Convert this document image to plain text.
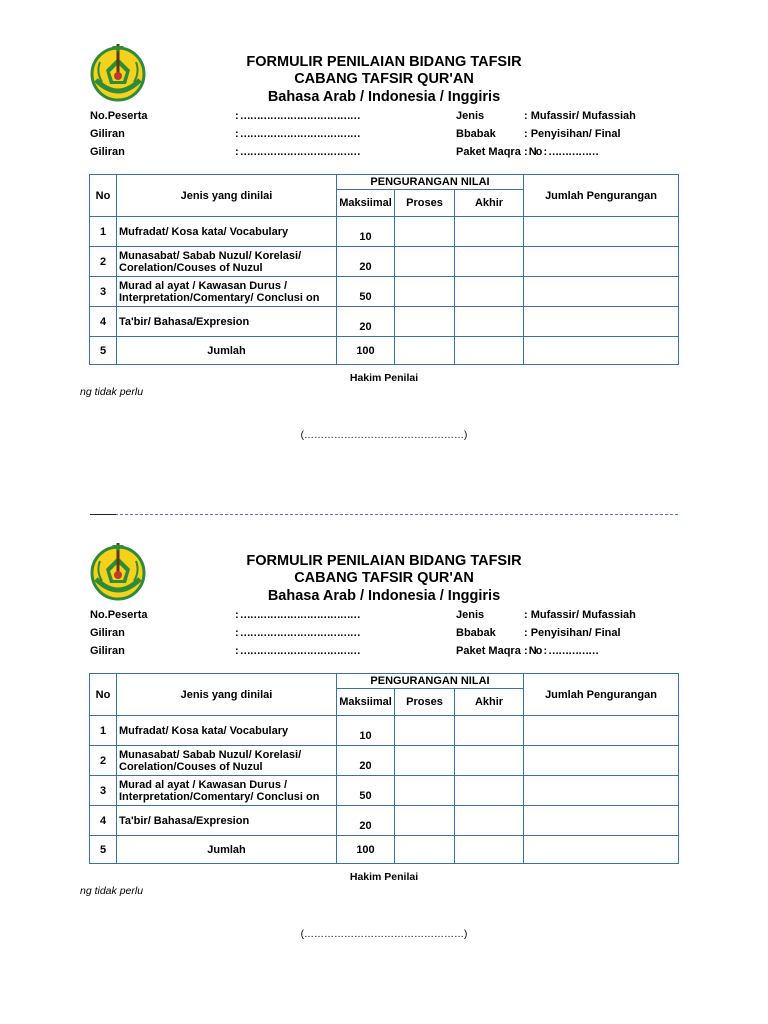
FORMULIR PENILAIAN BIDANG TAFSIR
CABANG TAFSIR QUR'AN
Bahasa Arab / Indonesia / Inggiris
No.Peserta	: ………………………………
Giliran	: ………………………………
Giliran	: ………………………………
Jenis	: Mufassir/ Mufassiah
Bbabak	: Penyisihan/ Final
Paket Maqra : No : ……………
No	Jenis yang dinilai	PENGURANGAN NILAI			Jumlah Pengurangan
		Maksiimal	Proses	Akhir	
1	Mufradat/ Kosa kata/ Vocabulary	10			
2	Munasabat/ Sabab Nuzul/ Korelasi/
Corelation/Couses of Nuzul	20			
3	Murad al ayat / Kawasan Durus /
Interpretation/Comentary/ Conclusi on	50			
4	Ta'bir/ Bahasa/Expresion	20			
5	Jumlah	100			
Hakim Penilai
ng tidak perlu
(…………………………………………)
FORMULIR PENILAIAN BIDANG TAFSIR
CABANG TAFSIR QUR'AN
Bahasa Arab / Indonesia / Inggiris
No.Peserta	: ………………………………
Giliran	: ………………………………
Giliran	: ………………………………
Jenis	: Mufassir/ Mufassiah
Bbabak	: Penyisihan/ Final
Paket Maqra : No : ……………
No	Jenis yang dinilai	PENGURANGAN NILAI			Jumlah Pengurangan
		Maksiimal	Proses	Akhir	
1	Mufradat/ Kosa kata/ Vocabulary	10			
2	Munasabat/ Sabab Nuzul/ Korelasi/
Corelation/Couses of Nuzul	20			
3	Murad al ayat / Kawasan Durus /
Interpretation/Comentary/ Conclusi on	50			
4	Ta'bir/ Bahasa/Expresion	20			
5	Jumlah	100			
Hakim Penilai
ng tidak perlu
(…………………………………………)
